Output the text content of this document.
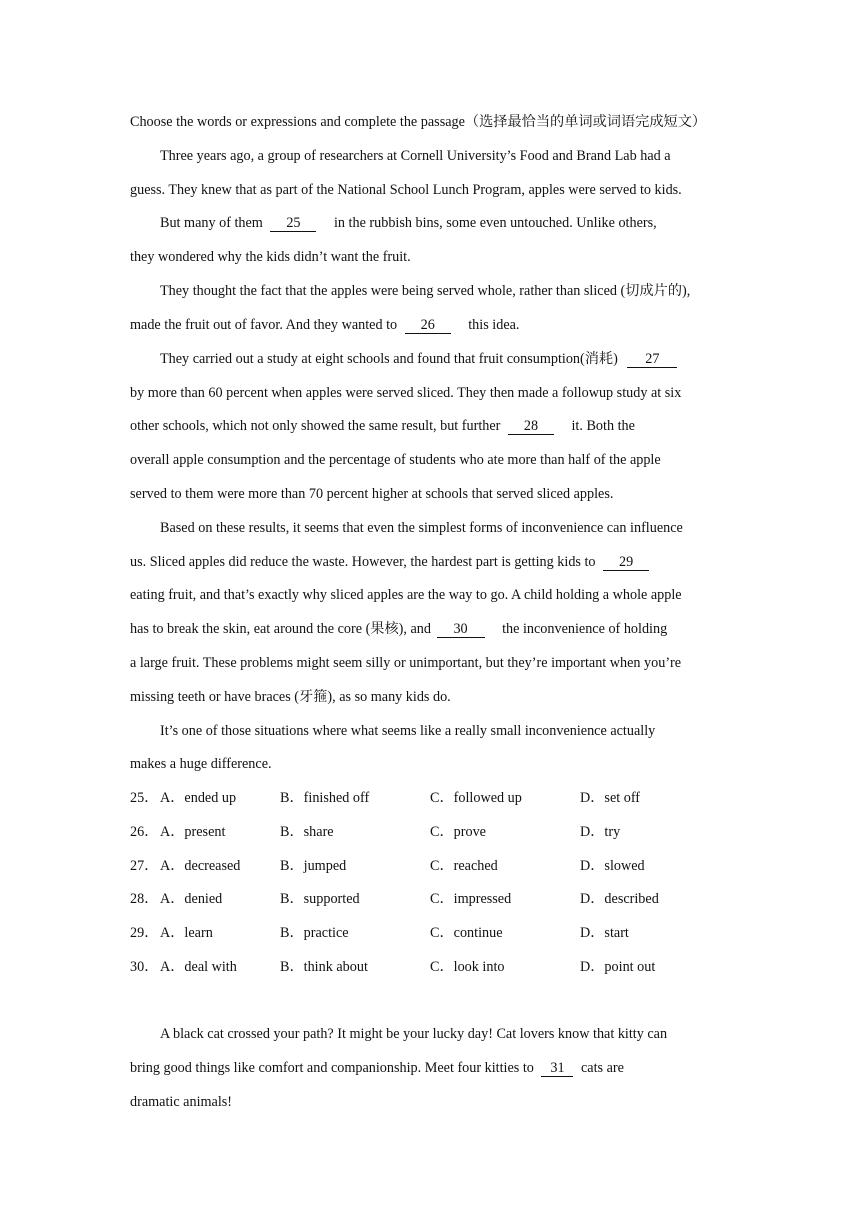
Choose the words or expressions and complete the passage（选择最恰当的单词或词语完成短文）
Three years ago, a group of researchers at Cornell University’s Food and Brand Lab had a
guess. They knew that as part of the National School Lunch Program, apples were served to kids.
But many of them 25 in the rubbish bins, some even untouched. Unlike others,
they wondered why the kids didn’t want the fruit.
They thought the fact that the apples were being served whole, rather than sliced (切成片的),
made the fruit out of favor. And they wanted to 26 this idea.
They carried out a study at eight schools and found that fruit consumption(消耗) 27
by more than 60 percent when apples were served sliced. They then made a followup study at six
other schools, which not only showed the same result, but further 28 it. Both the
overall apple consumption and the percentage of students who ate more than half of the apple
served to them were more than 70 percent higher at schools that served sliced apples.
Based on these results, it seems that even the simplest forms of inconvenience can influence
us. Sliced apples did reduce the waste. However, the hardest part is getting kids to 29
eating fruit, and that’s exactly why sliced apples are the way to go. A child holding a whole apple
has to break the skin, eat around the core (果核), and 30 the inconvenience of holding
a large fruit. These problems might seem silly or unimportant, but they’re important when you’re
missing teeth or have braces (牙箍), as so many kids do.
It’s one of those situations where what seems like a really small inconvenience actually
makes a huge difference.
25． A．ended up	B．finished off	C．followed up	D．set off
26． A．present	B．share	C．prove	D．try
27． A．decreased	B．jumped	C．reached	D．slowed
28． A．denied	B．supported	C．impressed	D．described
29． A．learn	B．practice	C．continue	D．start
30． A．deal with	B．think about	C．look into	D．point out
A black cat crossed your path? It might be your lucky day! Cat lovers know that kitty can
bring good things like comfort and companionship. Meet four kitties to 31 cats are
dramatic animals!
